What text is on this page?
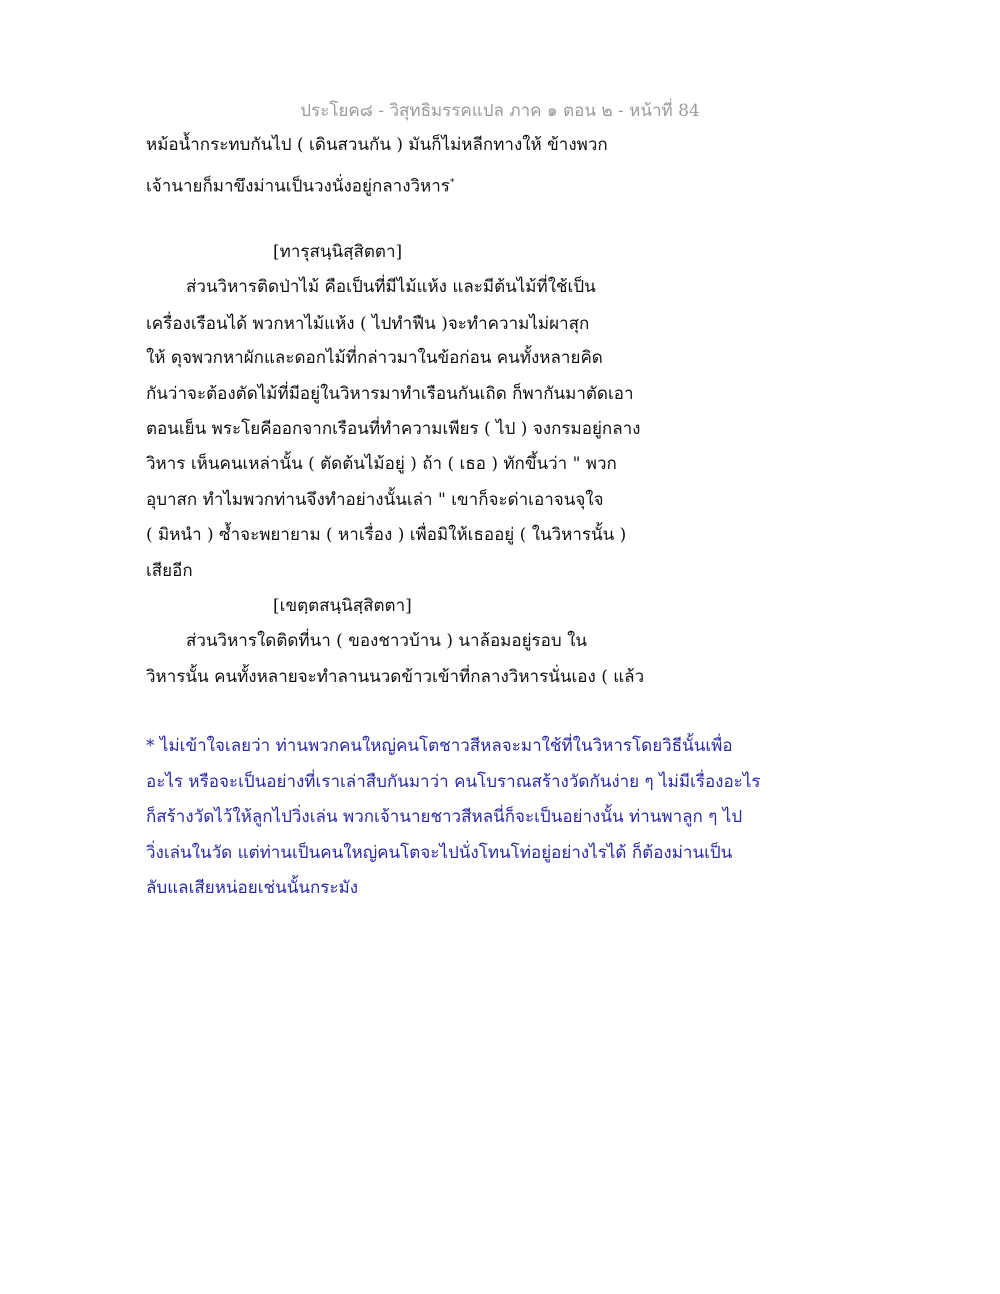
ประโยค๘ - วิสุทธิมรรคแปล ภาค ๑ ตอน ๒ - หน้าที่ 84
หม้อน้ำกระทบกันไป ( เดินสวนกัน ) มันก็ไม่หลีกทางให้ ข้างพวก
เจ้านายก็มาขึงม่านเป็นวงนั่งอยู่กลางวิหาร*
[ทารุสนฺนิสฺสิตตา]
ส่วนวิหารติดป่าไม้ คือเป็นที่มีไม้แห้ง และมีต้นไม้ที่ใช้เป็น
เครื่องเรือนได้ พวกหาไม้แห้ง ( ไปทำฟืน )จะทำความไม่ผาสุก
ให้ ดุจพวกหาผักและดอกไม้ที่กล่าวมาในข้อก่อน คนทั้งหลายคิด
กันว่าจะต้องตัดไม้ที่มีอยู่ในวิหารมาทำเรือนกันเถิด ก็พากันมาตัดเอา
ตอนเย็น พระโยคีออกจากเรือนที่ทำความเพียร ( ไป ) จงกรมอยู่กลาง
วิหาร เห็นคนเหล่านั้น ( ตัดต้นไม้อยู่ ) ถ้า ( เธอ ) ทักขึ้นว่า " พวก
อุบาสก ทำไมพวกท่านจึงทำอย่างนั้นเล่า " เขาก็จะด่าเอาจนจุใจ
( มิหนำ ) ซ้ำจะพยายาม ( หาเรื่อง ) เพื่อมิให้เธออยู่ ( ในวิหารนั้น )
เสียอีก
[เขตฺตสนฺนิสฺสิตตา]
ส่วนวิหารใดติดที่นา ( ของชาวบ้าน ) นาล้อมอยู่รอบ ใน
วิหารนั้น คนทั้งหลายจะทำลานนวดข้าวเข้าที่กลางวิหารนั่นเอง ( แล้ว
* ไม่เข้าใจเลยว่า ท่านพวกคนใหญ่คนโตชาวสีหลจะมาใช้ที่ในวิหารโดยวิธีนั้นเพื่อ
อะไร หรือจะเป็นอย่างที่เราเล่าสืบกันมาว่า คนโบราณสร้างวัดกันง่าย ๆ ไม่มีเรื่องอะไร
ก็สร้างวัดไว้ให้ลูกไปวิ่งเล่น พวกเจ้านายชาวสีหลนี่ก็จะเป็นอย่างนั้น ท่านพาลูก ๆ ไป
วิ่งเล่นในวัด แต่ท่านเป็นคนใหญ่คนโตจะไปนั่งโทนโท่อยู่อย่างไรได้ ก็ต้องม่านเป็น
ลับแลเสียหน่อยเช่นนั้นกระมัง
